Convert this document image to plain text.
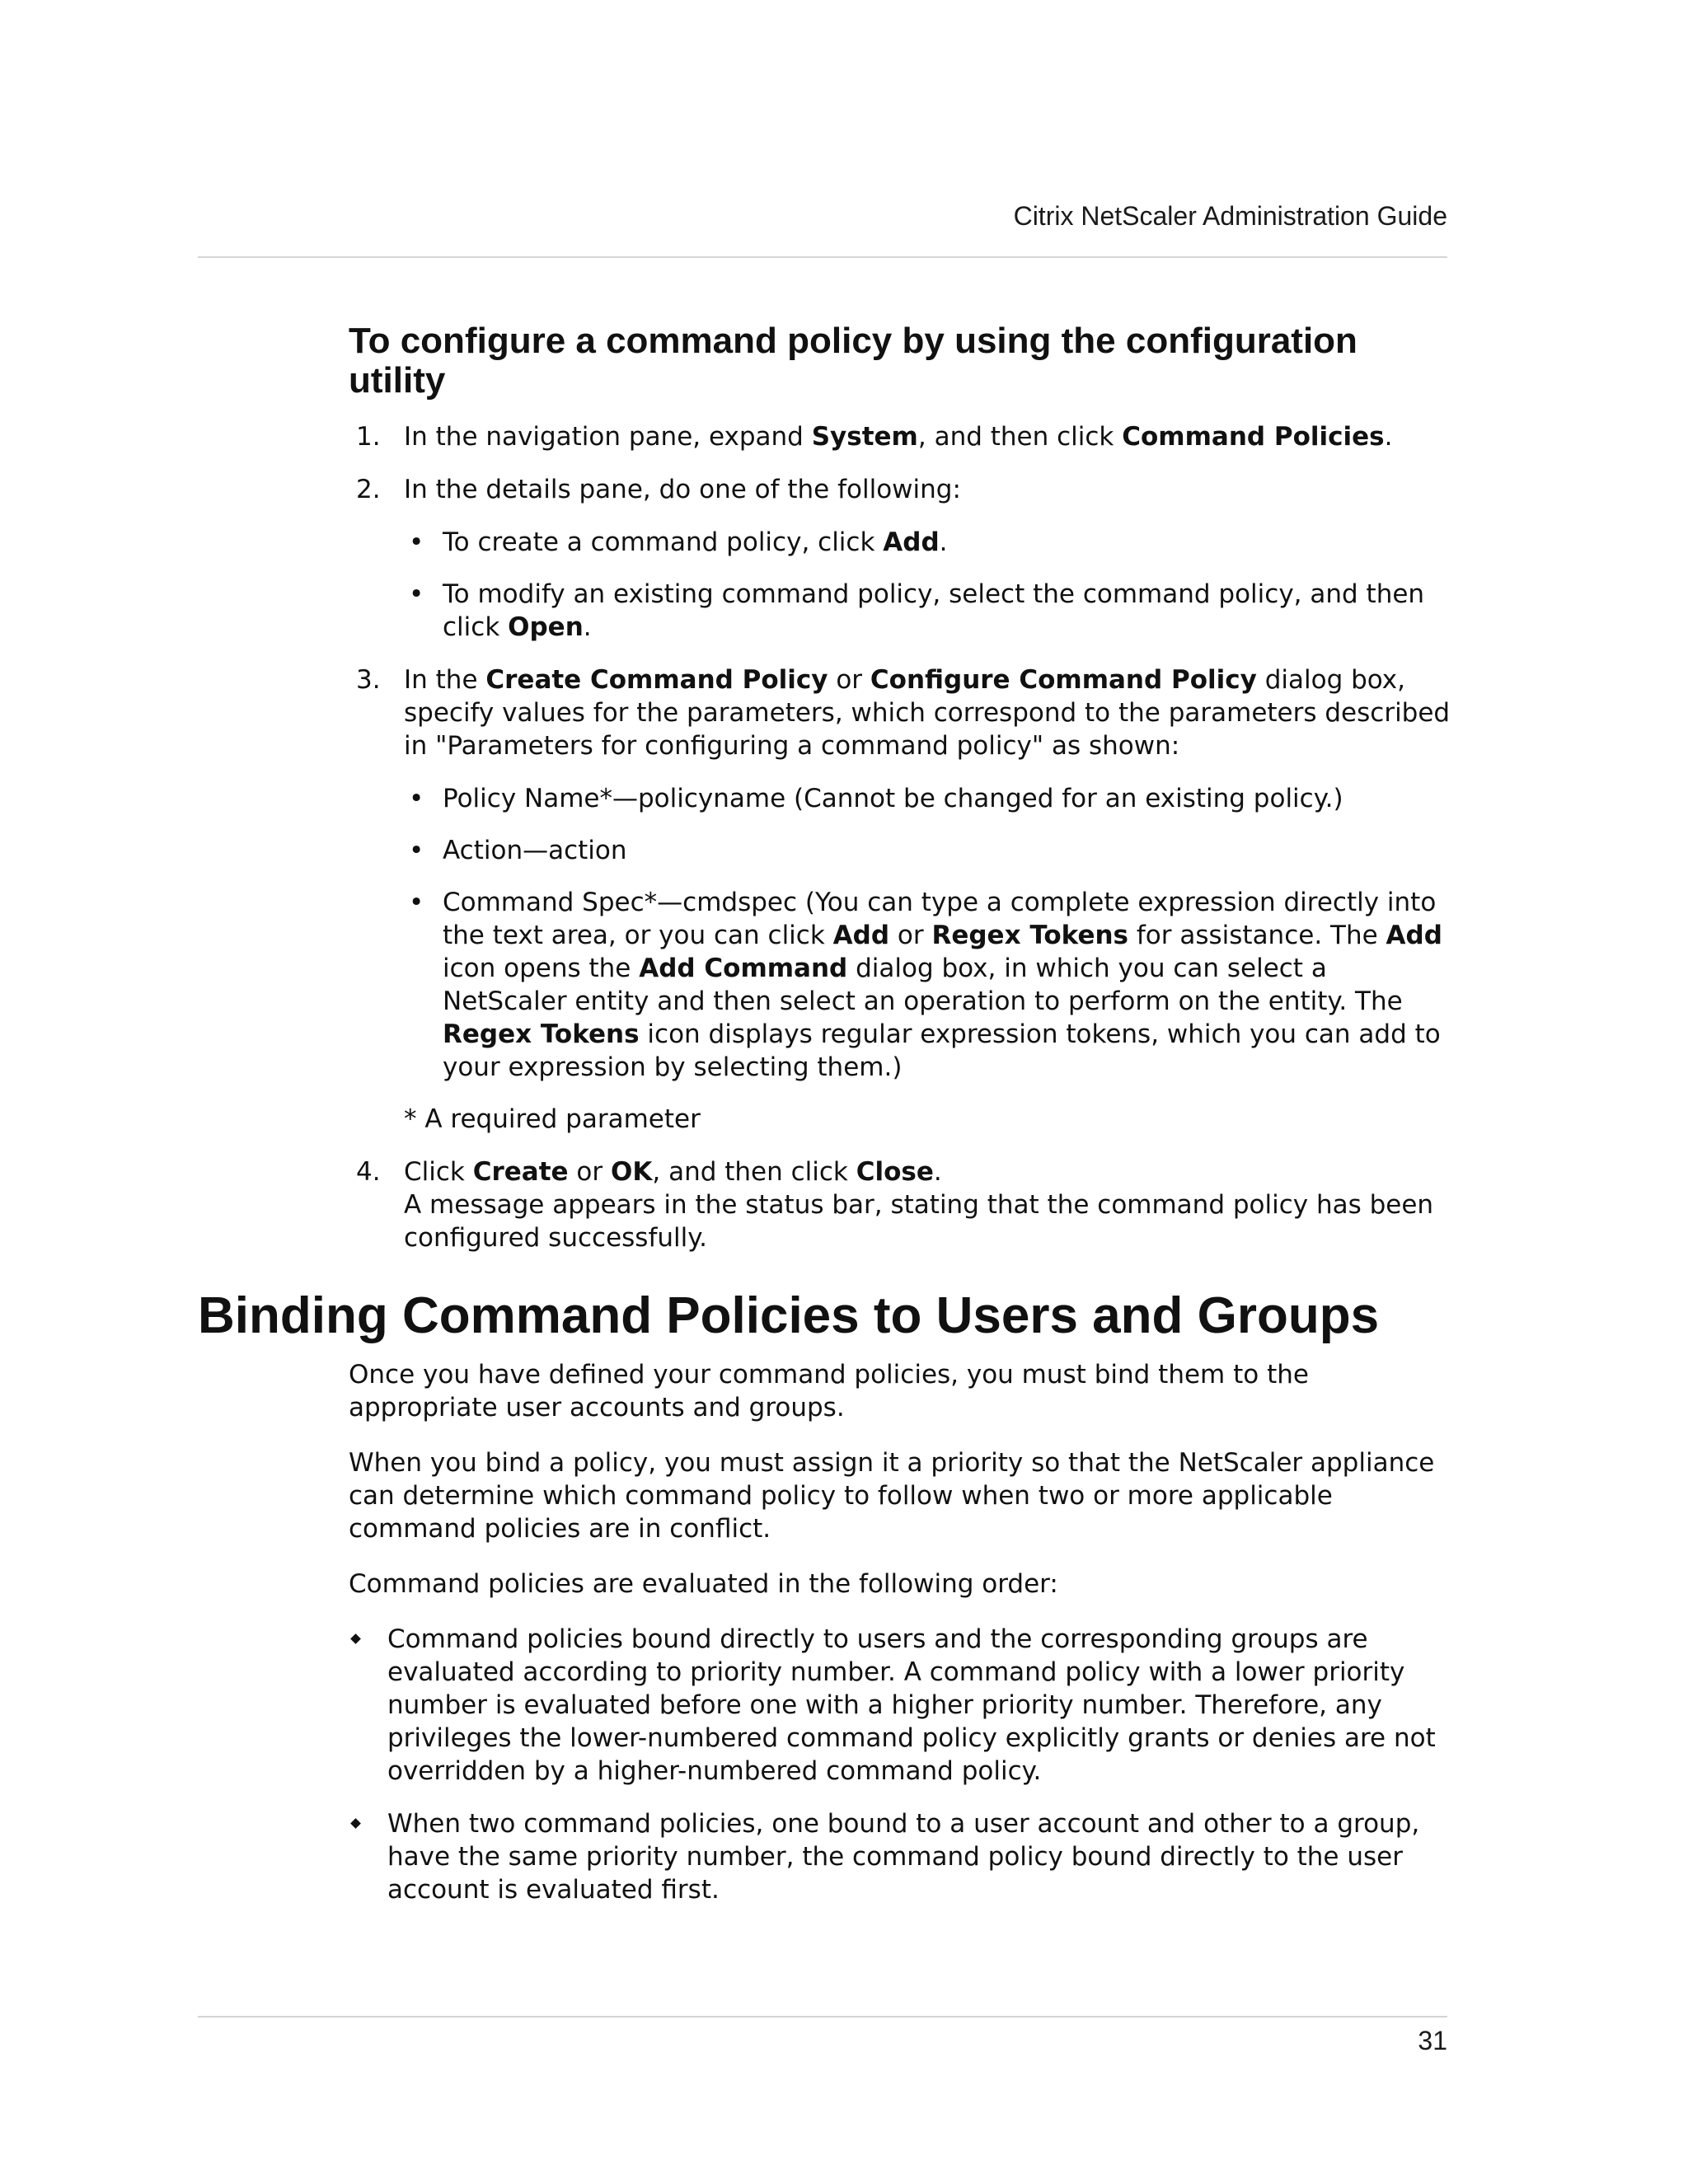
Citrix NetScaler Administration Guide
To configure a command policy by using the configuration utility
1. In the navigation pane, expand System, and then click Command Policies.
2. In the details pane, do one of the following:
• To create a command policy, click Add.
• To modify an existing command policy, select the command policy, and then click Open.
3. In the Create Command Policy or Configure Command Policy dialog box, specify values for the parameters, which correspond to the parameters described in "Parameters for configuring a command policy" as shown:
• Policy Name*—policyname (Cannot be changed for an existing policy.)
• Action—action
• Command Spec*—cmdspec (You can type a complete expression directly into the text area, or you can click Add or Regex Tokens for assistance. The Add icon opens the Add Command dialog box, in which you can select a NetScaler entity and then select an operation to perform on the entity. The Regex Tokens icon displays regular expression tokens, which you can add to your expression by selecting them.)
* A required parameter
4. Click Create or OK, and then click Close.
A message appears in the status bar, stating that the command policy has been configured successfully.
Binding Command Policies to Users and Groups

Once you have defined your command policies, you must bind them to the appropriate user accounts and groups.

When you bind a policy, you must assign it a priority so that the NetScaler appliance can determine which command policy to follow when two or more applicable command policies are in conflict.

Command policies are evaluated in the following order:

Command policies bound directly to users and the corresponding groups are evaluated according to priority number. A command policy with a lower priority number is evaluated before one with a higher priority number. Therefore, any privileges the lower-numbered command policy explicitly grants or denies are not overridden by a higher-numbered command policy.
When two command policies, one bound to a user account and other to a group, have the same priority number, the command policy bound directly to the user account is evaluated first.
31
